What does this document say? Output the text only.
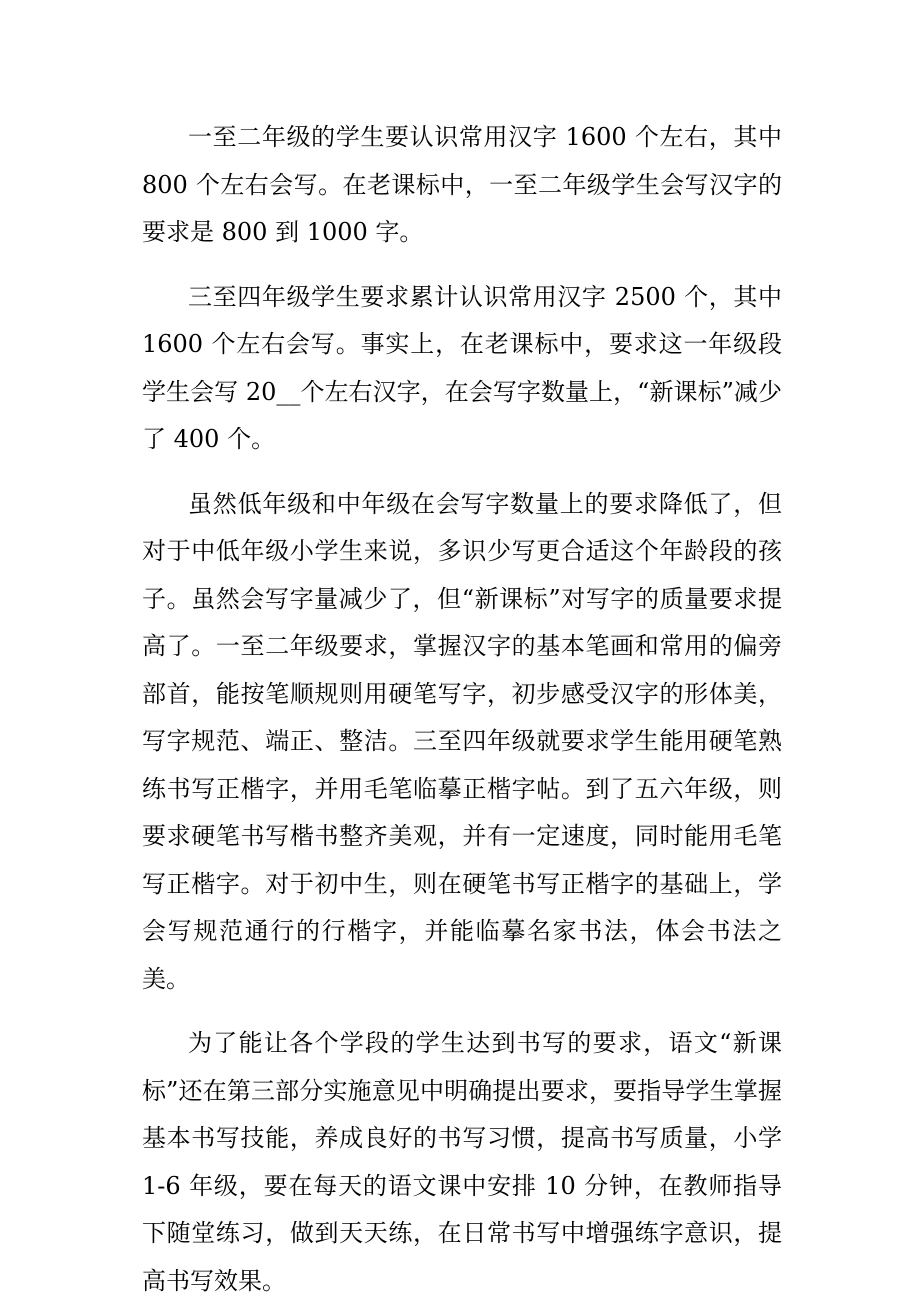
一至二年级的学生要认识常用汉字 1600 个左右，其中 800 个左右会写。在老课标中，一至二年级学生会写汉字的要求是 800 到 1000 字。

三至四年级学生要求累计认识常用汉字 2500 个，其中 1600 个左右会写。事实上，在老课标中，要求这一年级段学生会写 20__个左右汉字，在会写字数量上，“新课标”减少了 400 个。

虽然低年级和中年级在会写字数量上的要求降低了，但对于中低年级小学生来说，多识少写更合适这个年龄段的孩子。虽然会写字量减少了，但“新课标”对写字的质量要求提高了。一至二年级要求，掌握汉字的基本笔画和常用的偏旁部首，能按笔顺规则用硬笔写字，初步感受汉字的形体美，写字规范、端正、整洁。三至四年级就要求学生能用硬笔熟练书写正楷字，并用毛笔临摹正楷字帖。到了五六年级，则要求硬笔书写楷书整齐美观，并有一定速度，同时能用毛笔写正楷字。对于初中生，则在硬笔书写正楷字的基础上，学会写规范通行的行楷字，并能临摹名家书法，体会书法之美。

为了能让各个学段的学生达到书写的要求，语文“新课标”还在第三部分实施意见中明确提出要求，要指导学生掌握基本书写技能，养成良好的书写习惯，提高书写质量，小学 1-6 年级，要在每天的语文课中安排 10 分钟，在教师指导下随堂练习，做到天天练，在日常书写中增强练字意识，提高书写效果。
